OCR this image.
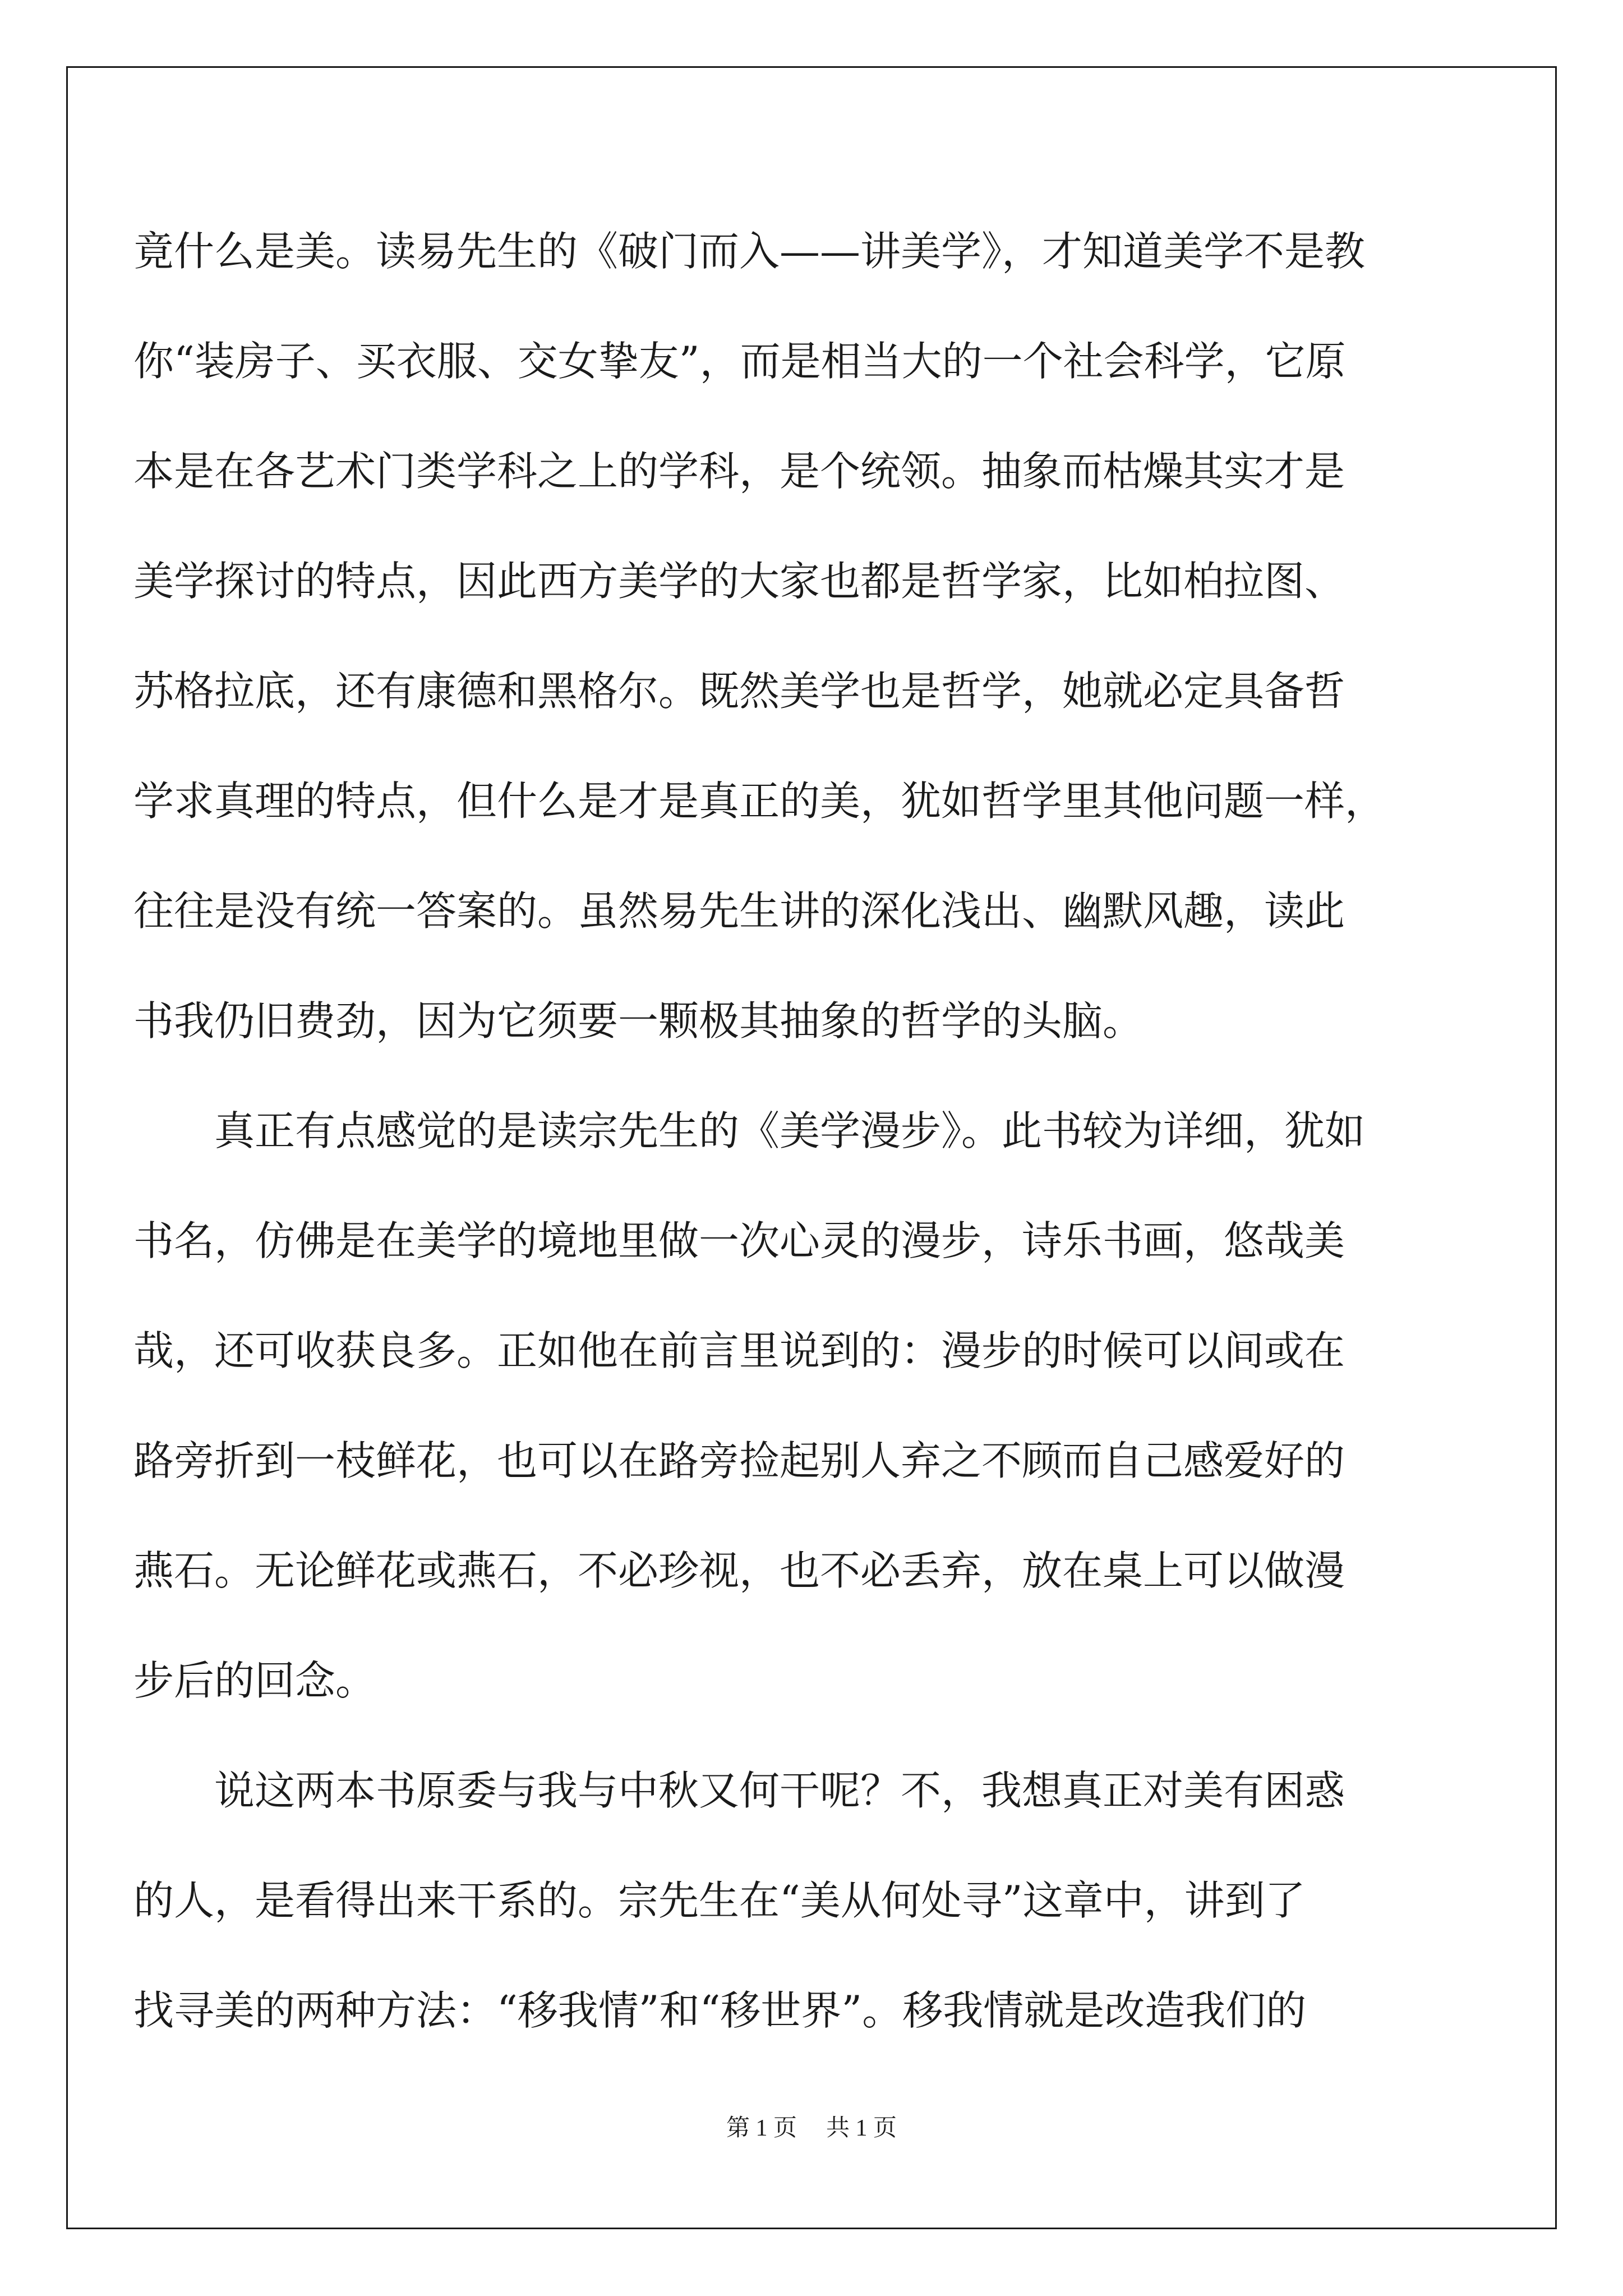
竟什么是美。读易先生的《破门而入——讲美学》，才知道美学不是教
你“装房子、买衣服、交女挚友”，而是相当大的一个社会科学，它原
本是在各艺术门类学科之上的学科，是个统领。抽象而枯燥其实才是
美学探讨的特点，因此西方美学的大家也都是哲学家，比如柏拉图、
苏格拉底，还有康德和黑格尔。既然美学也是哲学，她就必定具备哲
学求真理的特点，但什么是才是真正的美，犹如哲学里其他问题一样，
往往是没有统一答案的。虽然易先生讲的深化浅出、幽默风趣，读此
书我仍旧费劲，因为它须要一颗极其抽象的哲学的头脑。
　　真正有点感觉的是读宗先生的《美学漫步》。此书较为详细，犹如
书名，仿佛是在美学的境地里做一次心灵的漫步，诗乐书画，悠哉美
哉，还可收获良多。正如他在前言里说到的：漫步的时候可以间或在
路旁折到一枝鲜花，也可以在路旁捡起别人弃之不顾而自己感爱好的
燕石。无论鲜花或燕石，不必珍视，也不必丢弃，放在桌上可以做漫
步后的回念。
　　说这两本书原委与我与中秋又何干呢？不，我想真正对美有困惑
的人，是看得出来干系的。宗先生在“美从何处寻”这章中，讲到了
找寻美的两种方法：“移我情”和“移世界”。移我情就是改造我们的
第 1 页 共 1 页
